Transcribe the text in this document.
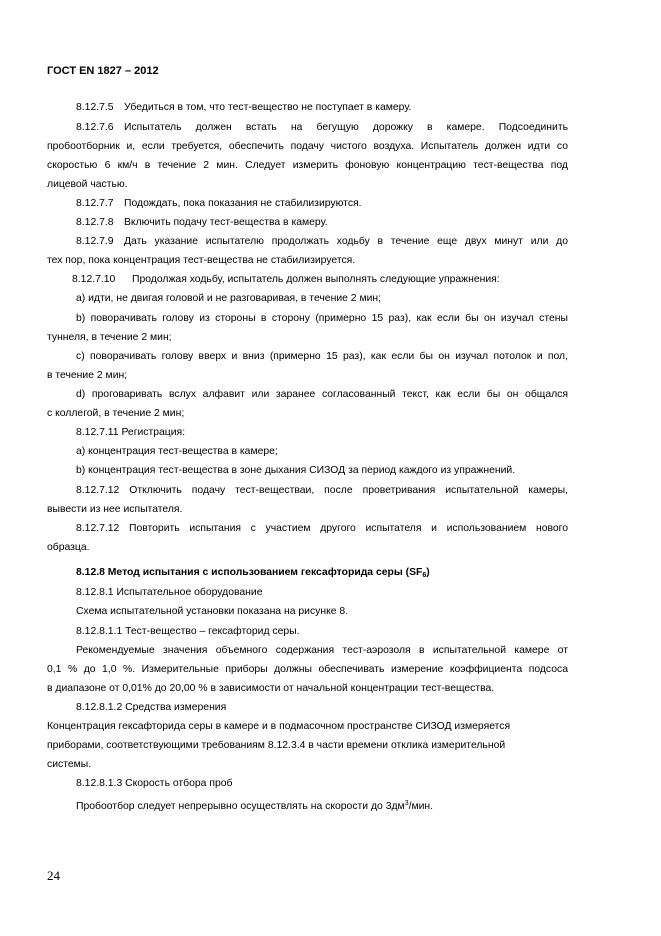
ГОСТ EN 1827 – 2012
8.12.7.5 Убедиться в том, что тест-вещество не поступает в камеру.
8.12.7.6 Испытатель должен встать на бегущую дорожку в камере. Подсоединить
пробоотборник и, если требуется, обеспечить подачу чистого воздуха. Испытатель должен идти со
скоростью 6 км/ч в течение 2 мин. Следует измерить фоновую концентрацию тест-вещества под
лицевой частью.
8.12.7.7 Подождать, пока показания не стабилизируются.
8.12.7.8 Включить подачу тест-вещества в камеру.
8.12.7.9 Дать указание испытателю продолжать ходьбу в течение еще двух минут или до
тех пор, пока концентрация тест-вещества не стабилизируется.
8.12.7.10 Продолжая ходьбу, испытатель должен выполнять следующие упражнения:
a) идти, не двигая головой и не разговаривая, в течение 2 мин;
b) поворачивать голову из стороны в сторону (примерно 15 раз), как если бы он изучал стены
туннеля, в течение 2 мин;
c) поворачивать голову вверх и вниз (примерно 15 раз), как если бы он изучал потолок и пол,
в течение 2 мин;
d) проговаривать вслух алфавит или заранее согласованный текст, как если бы он общался
с коллегой, в течение 2 мин;
8.12.7.11 Регистрация:
a) концентрация тест-вещества в камере;
b) концентрация тест-вещества в зоне дыхания СИЗОД за период каждого из упражнений.
8.12.7.12 Отключить подачу тест-веществаи, после проветривания испытательной камеры,
вывести из нее испытателя.
8.12.7.12 Повторить испытания с участием другого испытателя и использованием нового
образца.
8.12.8 Метод испытания с использованием гексафторида серы $(SF_6)$
8.12.8.1 Испытательное оборудование
Схема испытательной установки показана на рисунке 8.
8.12.8.1.1 Тест-вещество – гексафторид серы.
Рекомендуемые значения объемного содержания тест-аэрозоля в испытательной камере от
0,1 % до 1,0 %. Измерительные приборы должны обеспечивать измерение коэффициента подсоса
в диапазоне от 0,01% до 20,00 % в зависимости от начальной концентрации тест-вещества.
8.12.8.1.2 Средства измерения
Концентрация гексафторида серы в камере и в подмасочном пространстве СИЗОД измеряется
приборами, соответствующими требованиям 8.12.3.4 в части времени отклика измерительной
системы.
8.12.8.1.3 Скорость отбора проб
Пробоотбор следует непрерывно осуществлять на скорости до $3дм^3$/мин.
24
